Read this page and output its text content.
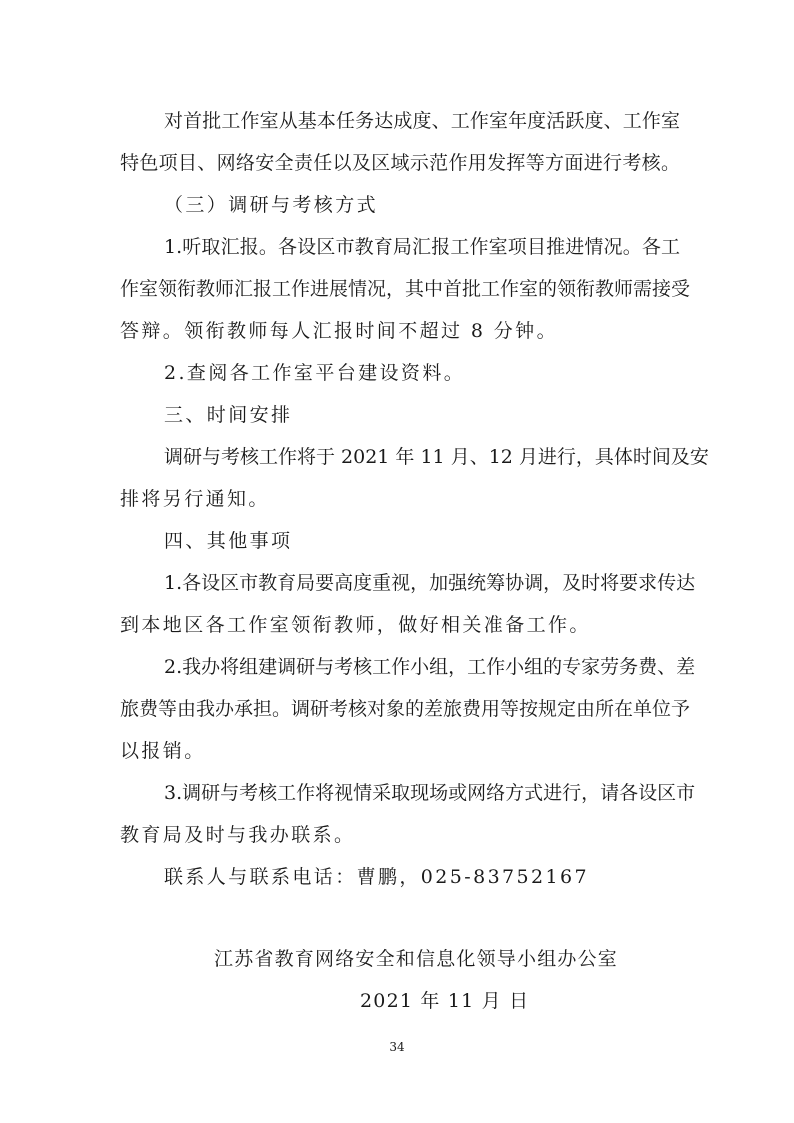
对首批工作室从基本任务达成度、工作室年度活跃度、工作室
特色项目、网络安全责任以及区域示范作用发挥等方面进行考核。
（三）调研与考核方式
1.听取汇报。各设区市教育局汇报工作室项目推进情况。各工
作室领衔教师汇报工作进展情况，其中首批工作室的领衔教师需接受
答辩。领衔教师每人汇报时间不超过 8 分钟。
2.查阅各工作室平台建设资料。
三、时间安排
调研与考核工作将于 2021 年 11 月、12 月进行，具体时间及安
排将另行通知。
四、其他事项
1.各设区市教育局要高度重视，加强统筹协调，及时将要求传达
到本地区各工作室领衔教师，做好相关准备工作。
2.我办将组建调研与考核工作小组，工作小组的专家劳务费、差
旅费等由我办承担。调研考核对象的差旅费用等按规定由所在单位予
以报销。
3.调研与考核工作将视情采取现场或网络方式进行，请各设区市
教育局及时与我办联系。
联系人与联系电话：曹鹏，025-83752167
江苏省教育网络安全和信息化领导小组办公室
2021 年 11 月 日
34
